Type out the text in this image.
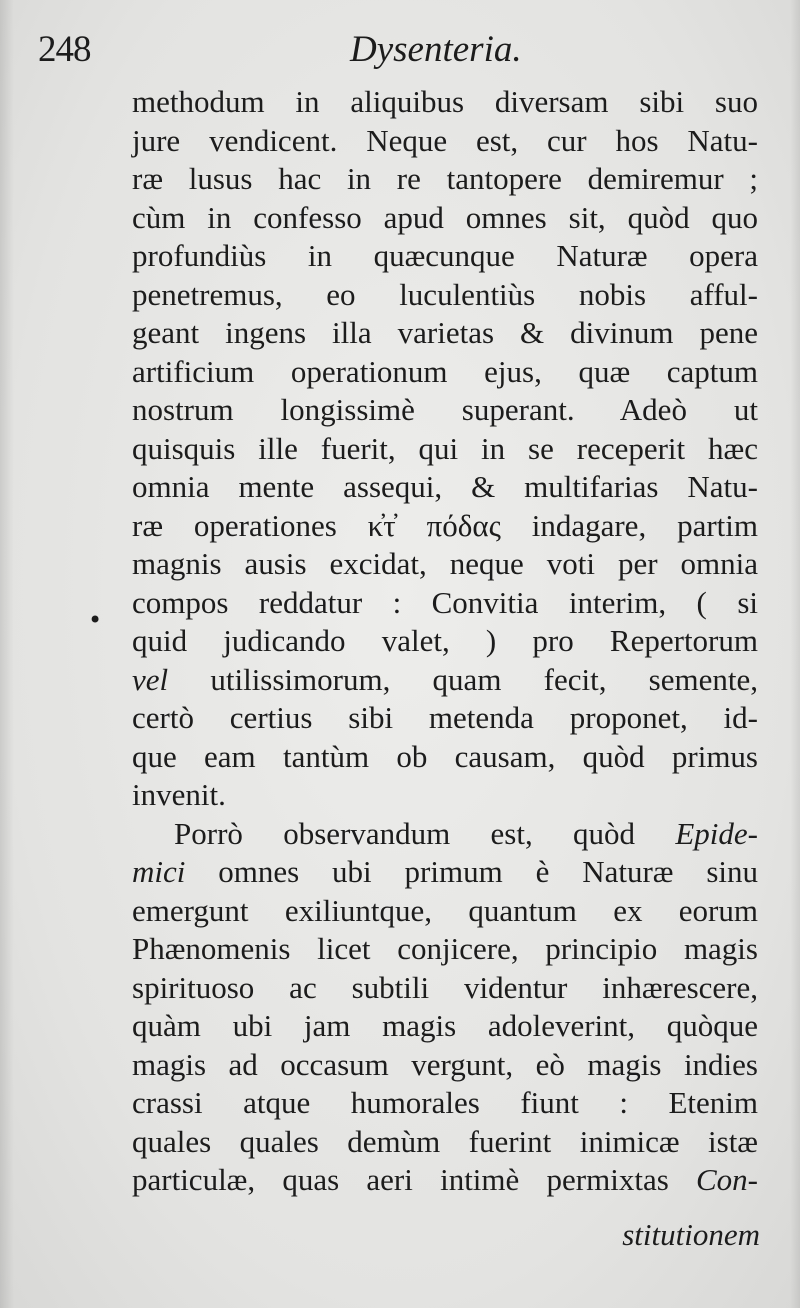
248	Dysenteria.
•
methodum in aliquibus diversam sibi suo
jure vendicent. Neque est, cur hos Natu-
ræ lusus hac in re tantopere demiremur ;
cùm in confesso apud omnes sit, quòd quo
profundiùs in quæcunque Naturæ opera
penetremus, eo luculentiùs nobis afful-
geant ingens illa varietas & divinum pene
artificium operationum ejus, quæ captum
nostrum longissimè superant. Adeò ut
quisquis ille fuerit, qui in se receperit hæc
omnia mente assequi, & multifarias Natu-
ræ operationes κ̓τ̓ πόδας indagare, partim
magnis ausis excidat, neque voti per omnia
compos reddatur : Convitia interim, ( si
quid judicando valet, ) pro Repertorum
vel utilissimorum, quam fecit, semente,
certò certius sibi metenda proponet, id-
que eam tantùm ob causam, quòd primus
invenit.
Porrò observandum est, quòd Epide-
mici omnes ubi primum è Naturæ sinu
emergunt exiliuntque, quantum ex eorum
Phænomenis licet conjicere, principio magis
spirituoso ac subtili videntur inhærescere,
quàm ubi jam magis adoleverint, quòque
magis ad occasum vergunt, eò magis indies
crassi atque humorales fiunt : Etenim
quales quales demùm fuerint inimicæ istæ
particulæ, quas aeri intimè permixtas Con-
stitutionem
